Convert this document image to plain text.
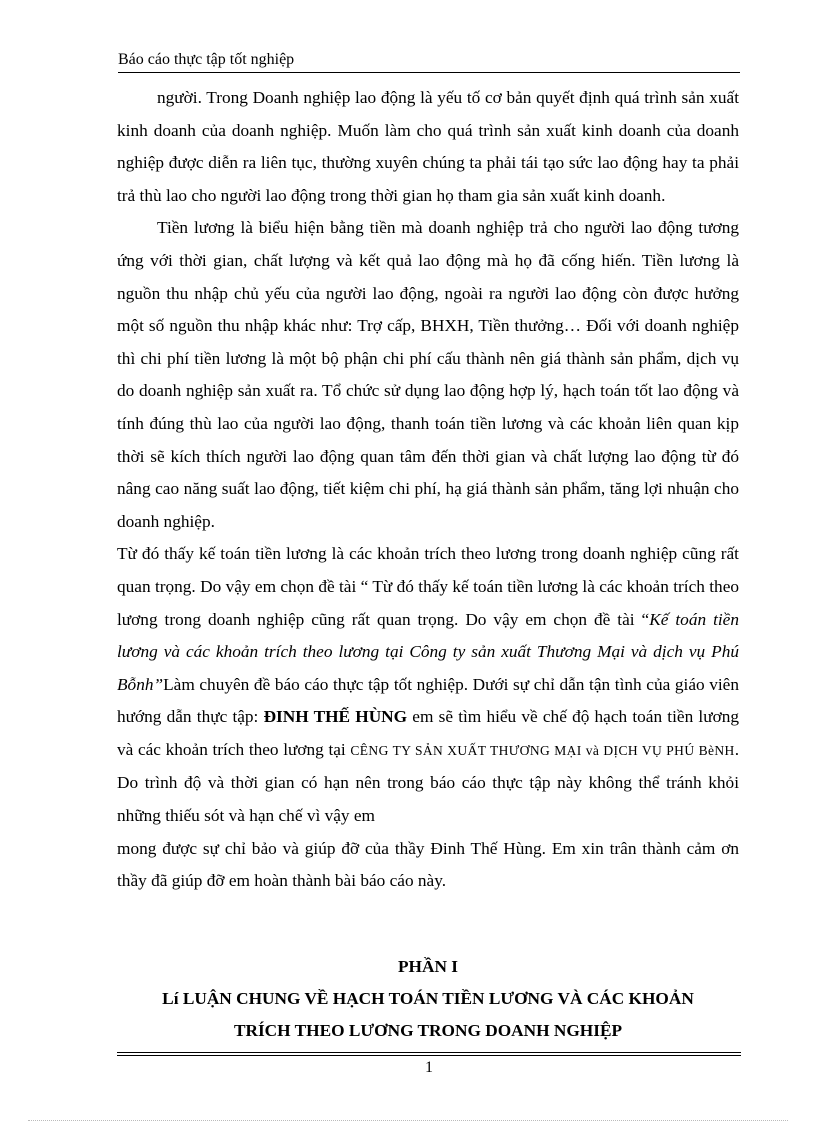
Báo cáo thực tập tốt nghiệp

người. Trong Doanh nghiệp lao động là yếu tố cơ bản quyết định quá trình sản xuất kinh doanh của doanh nghiệp. Muốn làm cho quá trình sản xuất kinh doanh của doanh nghiệp được diễn ra liên tục, thường xuyên chúng ta phải tái tạo sức lao động hay ta phải trả thù lao cho người lao động trong thời gian họ tham gia sản xuất kinh doanh.

Tiền lương là biểu hiện bằng tiền mà doanh nghiệp trả cho người lao động tương ứng với thời gian, chất lượng và kết quả lao động mà họ đã cống hiến. Tiền lương là nguồn thu nhập chủ yếu của người lao động, ngoài ra người lao động còn được hưởng một số nguồn thu nhập khác như: Trợ cấp, BHXH, Tiền thưởng… Đối với doanh nghiệp thì chi phí tiền lương là một bộ phận chi phí cấu thành nên giá thành sản phẩm, dịch vụ do doanh nghiệp sản xuất ra. Tổ chức sử dụng lao động hợp lý, hạch toán tốt lao động và tính đúng thù lao của người lao động, thanh toán tiền lương và các khoản liên quan kịp thời sẽ kích thích người lao động quan tâm đến thời gian và chất lượng lao động từ đó nâng cao năng suất lao động, tiết kiệm chi phí, hạ giá thành sản phẩm, tăng lợi nhuận cho doanh nghiệp.

Từ đó thấy kế toán tiền lương là các khoản trích theo lương trong doanh nghiệp cũng rất quan trọng. Do vậy em chọn đề tài “ Từ đó thấy kế toán tiền lương là các khoản trích theo lương trong doanh nghiệp cũng rất quan trọng. Do vậy em chọn đề tài “Kế toán tiền lương và các khoản trích theo lương tại Công ty sản xuất Thương Mại và dịch vụ Phú Bỗnh”Làm chuyên đề báo cáo thực tập tốt nghiệp. Dưới sự chỉ dẫn tận tình của giáo viên hướng dẫn thực tập: ĐINH THẾ HÙNG em sẽ tìm hiểu về chế độ hạch toán tiền lương và các khoản trích theo lương tại CÊNG TY SẢN XUẤT THƯƠNG MẠI và DỊCH VỤ PHÚ BèNH. Do trình độ và thời gian có hạn nên trong báo cáo thực tập này không thể tránh khỏi những thiếu sót và hạn chế vì vậy em

mong được sự chỉ bảo và giúp đỡ của thầy Đinh Thế Hùng. Em xin trân thành cảm ơn thầy đã giúp đỡ em hoàn thành bài báo cáo này.

PHẦN I
Lí LUẬN CHUNG VỀ HẠCH TOÁN TIỀN LƯƠNG VÀ CÁC KHOẢN
TRÍCH THEO LƯƠNG TRONG DOANH NGHIỆP
1
